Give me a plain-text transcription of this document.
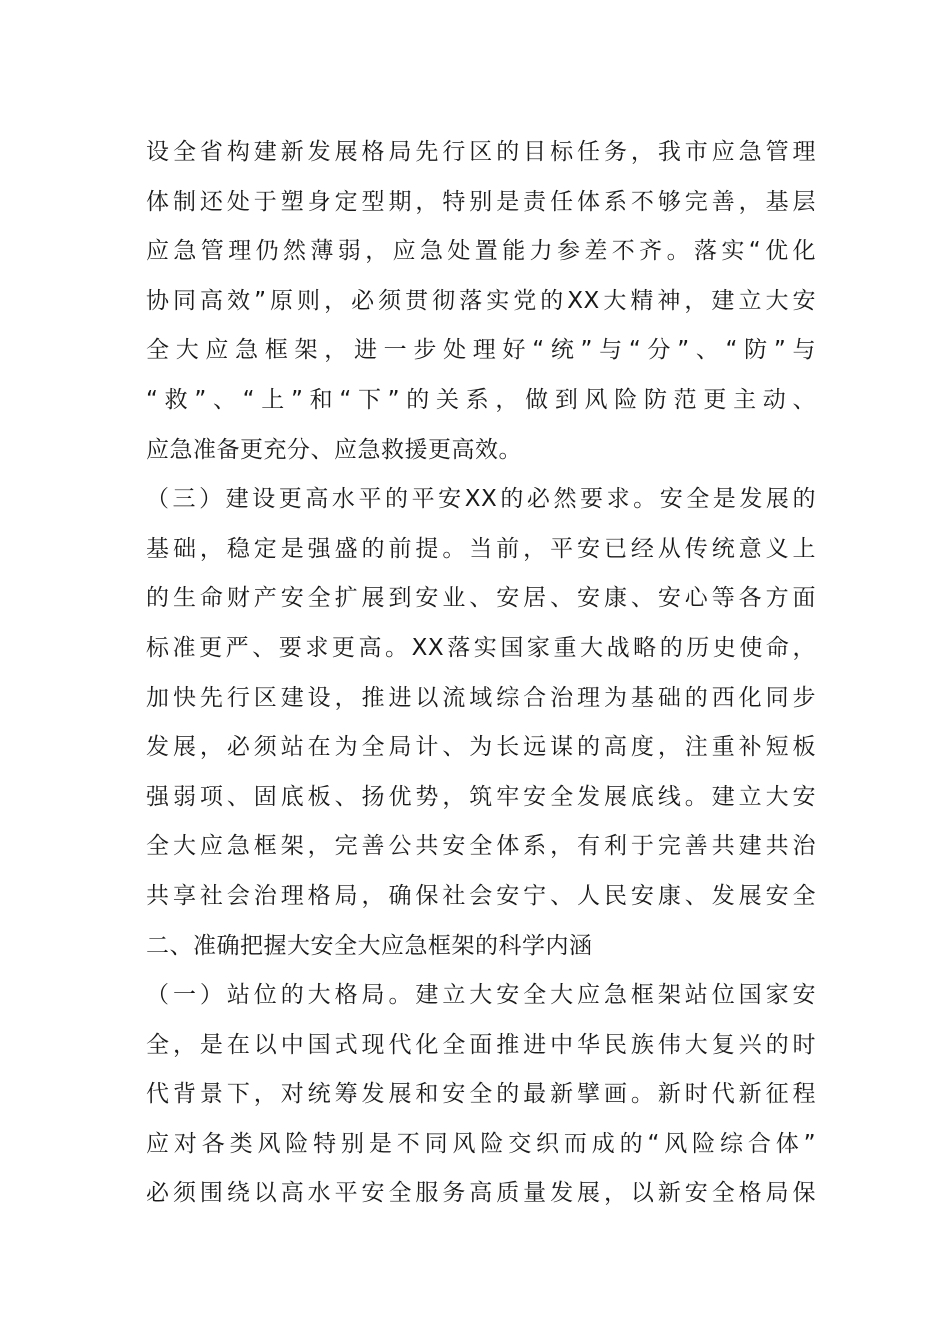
设全省构建新发展格局先行区的目标任务，我市应急管理
体制还处于塑身定型期，特别是责任体系不够完善，基层
应急管理仍然薄弱，应急处置能力参差不齐。落实“优化
协同高效”原则，必须贯彻落实党的XX大精神，建立大安
全大应急框架，进一步处理好“统”与“分”、“防”与
“救”、“上”和“下”的关系，做到风险防范更主动、
应急准备更充分、应急救援更高效。
（三）建设更高水平的平安XX的必然要求。安全是发展的
基础，稳定是强盛的前提。当前，平安已经从传统意义上
的生命财产安全扩展到安业、安居、安康、安心等各方面
标准更严、要求更高。XX落实国家重大战略的历史使命，
加快先行区建设，推进以流域综合治理为基础的西化同步
发展，必须站在为全局计、为长远谋的高度，注重补短板
强弱项、固底板、扬优势，筑牢安全发展底线。建立大安
全大应急框架，完善公共安全体系，有利于完善共建共治
共享社会治理格局，确保社会安宁、人民安康、发展安全
二、准确把握大安全大应急框架的科学内涵
（一）站位的大格局。建立大安全大应急框架站位国家安
全，是在以中国式现代化全面推进中华民族伟大复兴的时
代背景下，对统筹发展和安全的最新擘画。新时代新征程
应对各类风险特别是不同风险交织而成的“风险综合体”
必须围绕以高水平安全服务高质量发展，以新安全格局保
